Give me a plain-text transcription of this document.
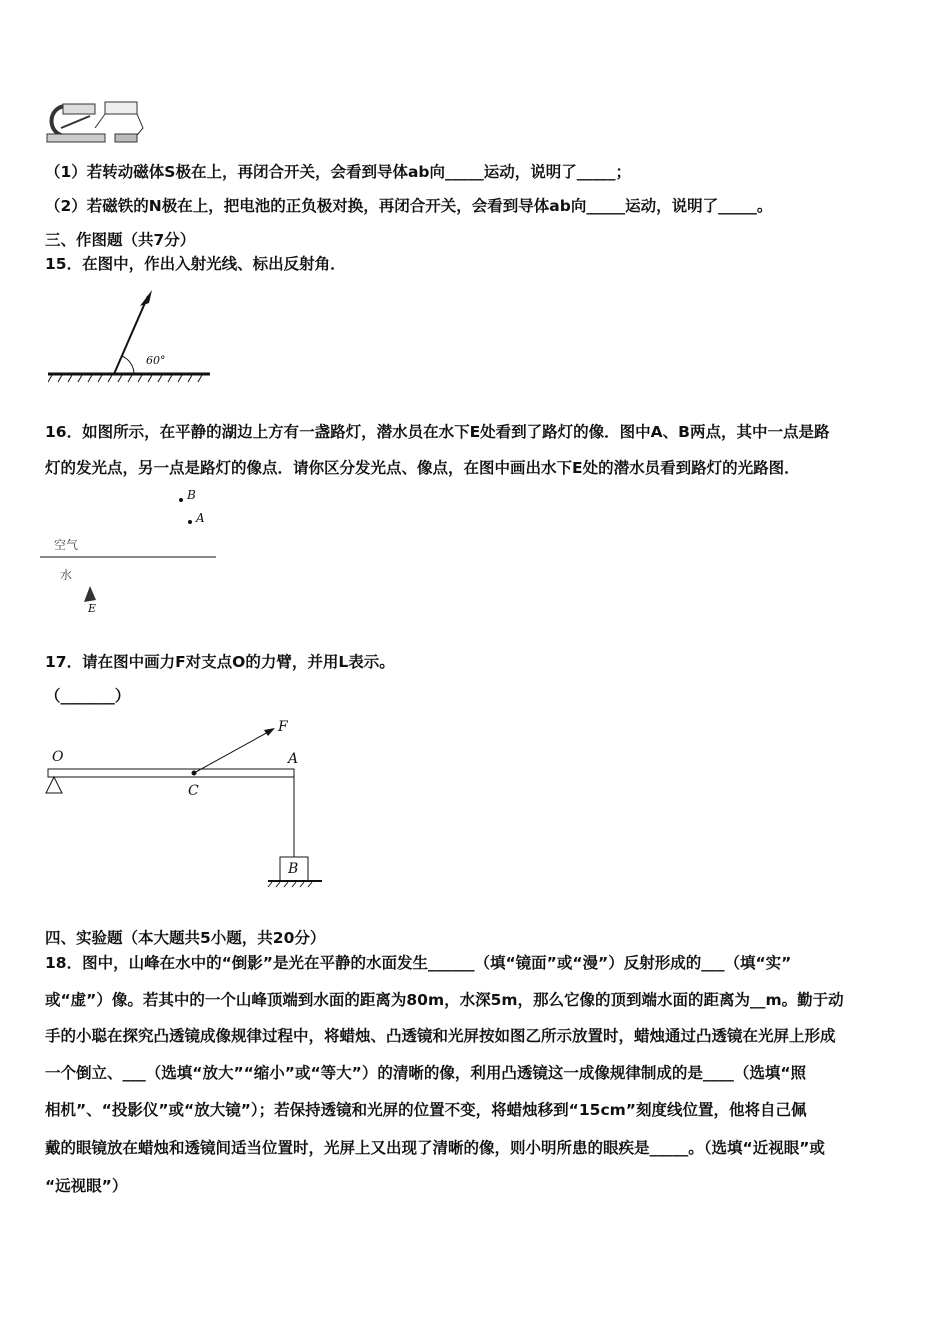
（1）若转动磁体S极在上，再闭合开关，会看到导体ab向_____运动，说明了_____；
（2）若磁铁的N极在上，把电池的正负极对换，再闭合开关，会看到导体ab向_____运动，说明了_____。
三、作图题（共7分）
15．在图中，作出入射光线、标出反射角．
60°
16．如图所示，在平静的湖边上方有一盏路灯，潜水员在水下E处看到了路灯的像．图中A、B两点，其中一点是路
灯的发光点，另一点是路灯的像点．请你区分发光点、像点，在图中画出水下E处的潜水员看到路灯的光路图．
B
A
空气
水
E
17．请在图中画力F对支点O的力臂，并用L表示。
（_______）
O
F
A
C
B
四、实验题（本大题共5小题，共20分）
18．图中，山峰在水中的“倒影”是光在平静的水面发生______（填“镜面”或“漫”）反射形成的___（填“实”
或“虚”）像。若其中的一个山峰顶端到水面的距离为80m，水深5m，那么它像的顶到端水面的距离为__m。勤于动
手的小聪在探究凸透镜成像规律过程中，将蜡烛、凸透镜和光屏按如图乙所示放置时，蜡烛通过凸透镜在光屏上形成
一个倒立、___（选填“放大”“缩小”或“等大”）的清晰的像，利用凸透镜这一成像规律制成的是____（选填“照
相机”、“投影仪”或“放大镜”）；若保持透镜和光屏的位置不变，将蜡烛移到“15cm”刻度线位置，他将自己佩
戴的眼镜放在蜡烛和透镜间适当位置时，光屏上又出现了清晰的像，则小明所患的眼疾是_____。（选填“近视眼”或
“远视眼”）
